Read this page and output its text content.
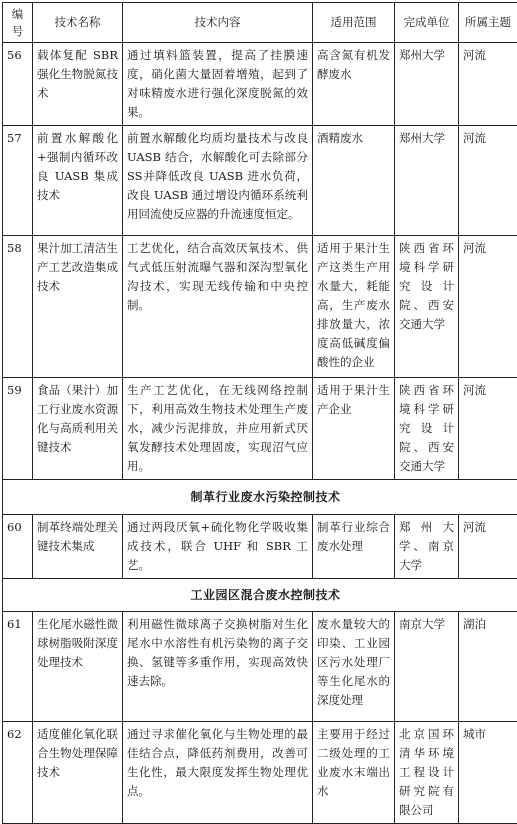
编号	技术名称	技术内容	适用范围	完成单位	所属主题
56	载体复配 SBR 强化生物脱氮技术	通过填料篮装置，提高了挂膜速度，硝化菌大量固着增殖，起到了对味精废水进行强化深度脱氮的效果。	高含氮有机发酵废水	郑州大学	河流
57	前置水解酸化+强制内循环改良 UASB 集成技术	前置水解酸化均质均量技术与改良 UASB 结合，水解酸化可去除部分SS并降低改良 UASB 进水负荷，改良 UASB 通过增设内循环系统利用回流使反应器的升流速度恒定。	酒精废水	郑州大学	河流
58	果汁加工清洁生产工艺改造集成技术	工艺优化，结合高效厌氧技术、供气式低压射流曝气器和深沟型氧化沟技术，实现无线传输和中央控制。	适用于果汁生产这类生产用水量大，耗能高，生产废水排放量大，浓度高低碱度偏酸性的企业	陕西省环境科学研究设计院、西安交通大学	河流
59	食品（果汁）加工行业废水资源化与高质利用关键技术	生产工艺优化，在无线网络控制下，利用高效生物技术处理生产废水，减少污泥排放，并应用新式厌氧发酵技术处理固废，实现沼气应用。	适用于果汁生产企业	陕西省环境科学研究设计院、西安交通大学	河流
制革行业废水污染控制技术					
60	制革终端处理关键技术集成	通过两段厌氧+硫化物化学吸收集成技术，联合 UHF 和 SBR 工艺。	制革行业综合废水处理	郑州大学、南京大学	河流
工业园区混合废水控制技术					
61	生化尾水磁性微球树脂吸附深度处理技术	利用磁性微球离子交换树脂对生化尾水中水溶性有机污染物的离子交换、氢键等多重作用，实现高效快速去除。	废水量较大的印染、工业园区污水处理厂等生化尾水的深度处理	南京大学	湖泊
62	适度催化氧化联合生物处理保障技术	通过寻求催化氧化与生物处理的最佳结合点，降低药剂费用，改善可生化性，最大限度发挥生物处理优点。	主要用于经过二级处理的工业废水末端出水	北京国环清华环境工程设计研究院有限公司	城市
